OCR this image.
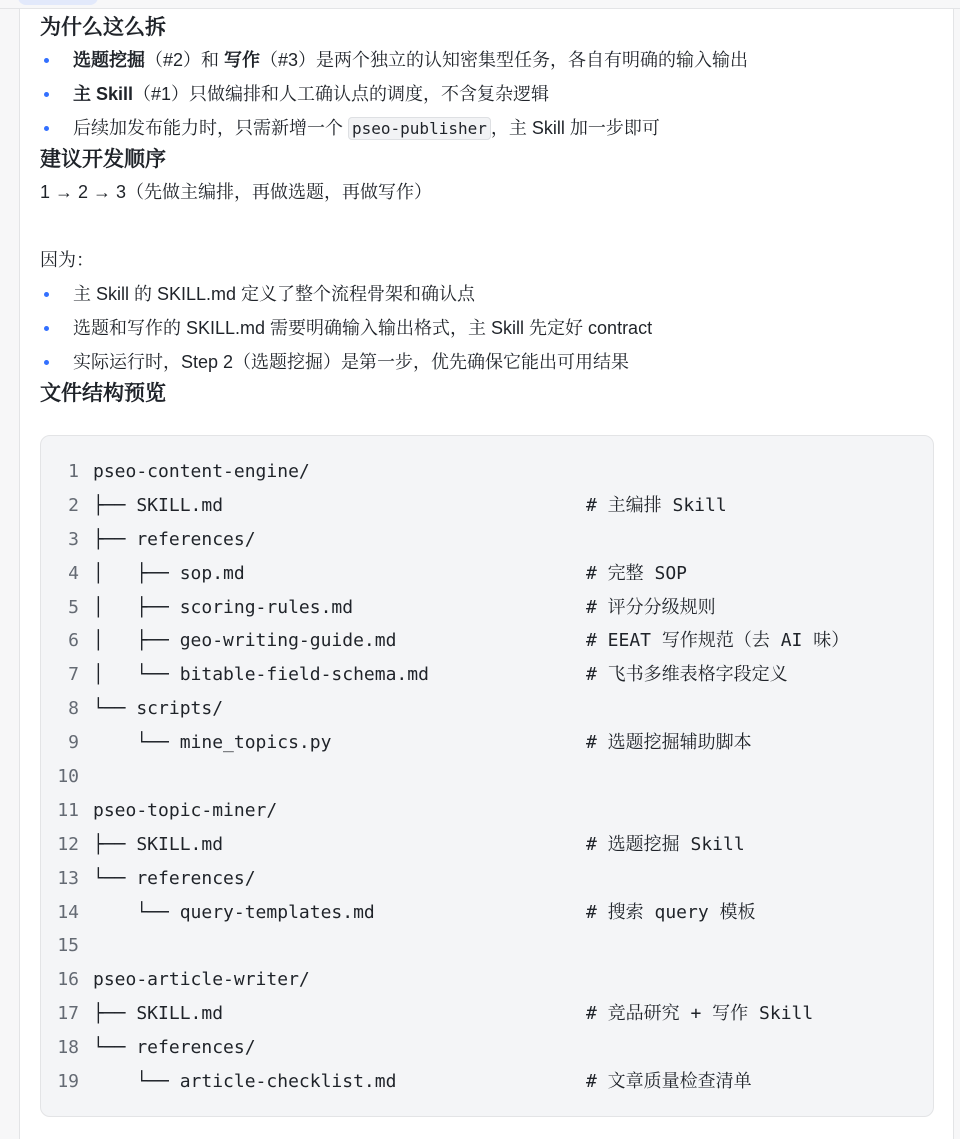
为什么这么拆
选题挖掘（#2）和 写作（#3）是两个独立的认知密集型任务，各自有明确的输入输出
主 Skill（#1）只做编排和人工确认点的调度，不含复杂逻辑
后续加发布能力时，只需新增一个 pseo-publisher ，主 Skill 加一步即可
建议开发顺序

1 → 2 → 3（先做主编排，再做选题，再做写作）

因为：

主 Skill 的 SKILL.md 定义了整个流程骨架和确认点
选题和写作的 SKILL.md 需要明确输入输出格式，主 Skill 先定好 contract
实际运行时，Step 2（选题挖掘）是第一步，优先确保它能出可用结果
文件结构预览
1 pseo-content-engine/
2 ├── SKILL.md	# 主编排 Skill
3 ├── references/
4 │   ├── sop.md	# 完整 SOP
5 │   ├── scoring-rules.md	# 评分分级规则
6 │   ├── geo-writing-guide.md	# EEAT 写作规范（去 AI 味）
7 │   └── bitable-field-schema.md	# 飞书多维表格字段定义
8 └── scripts/
9 └── mine_topics.py	# 选题挖掘辅助脚本
10
11 pseo-topic-miner/
12 ├── SKILL.md	# 选题挖掘 Skill
13 └── references/
14 └── query-templates.md	# 搜索 query 模板
15
16 pseo-article-writer/
17 ├── SKILL.md	# 竞品研究 + 写作 Skill
18 └── references/
19 └── article-checklist.md	# 文章质量检查清单
